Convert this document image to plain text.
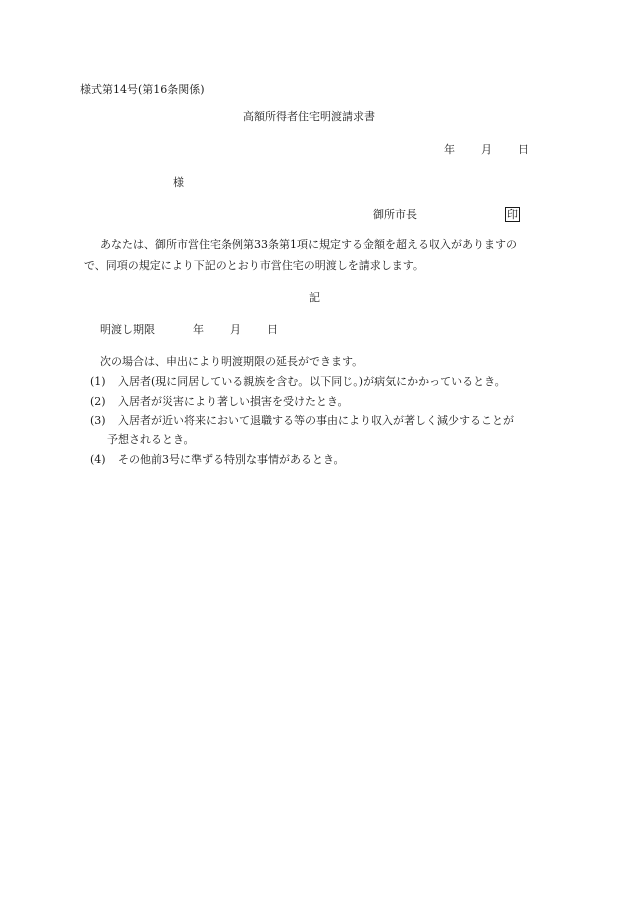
様式第14号(第16条関係)
高額所得者住宅明渡請求書
年 月 日
様
御所市長	印
あなたは、御所市営住宅条例第33条第1項に規定する金額を超える収入がありますの
で、同項の規定により下記のとおり市営住宅の明渡しを請求します。
記
明渡し期限	年 月 日
次の場合は、申出により明渡期限の延長ができます。
(1) 入居者(現に同居している親族を含む。以下同じ。)が病気にかかっているとき。
(2) 入居者が災害により著しい損害を受けたとき。
(3) 入居者が近い将来において退職する等の事由により収入が著しく減少することが
予想されるとき。
(4) その他前3号に準ずる特別な事情があるとき。
